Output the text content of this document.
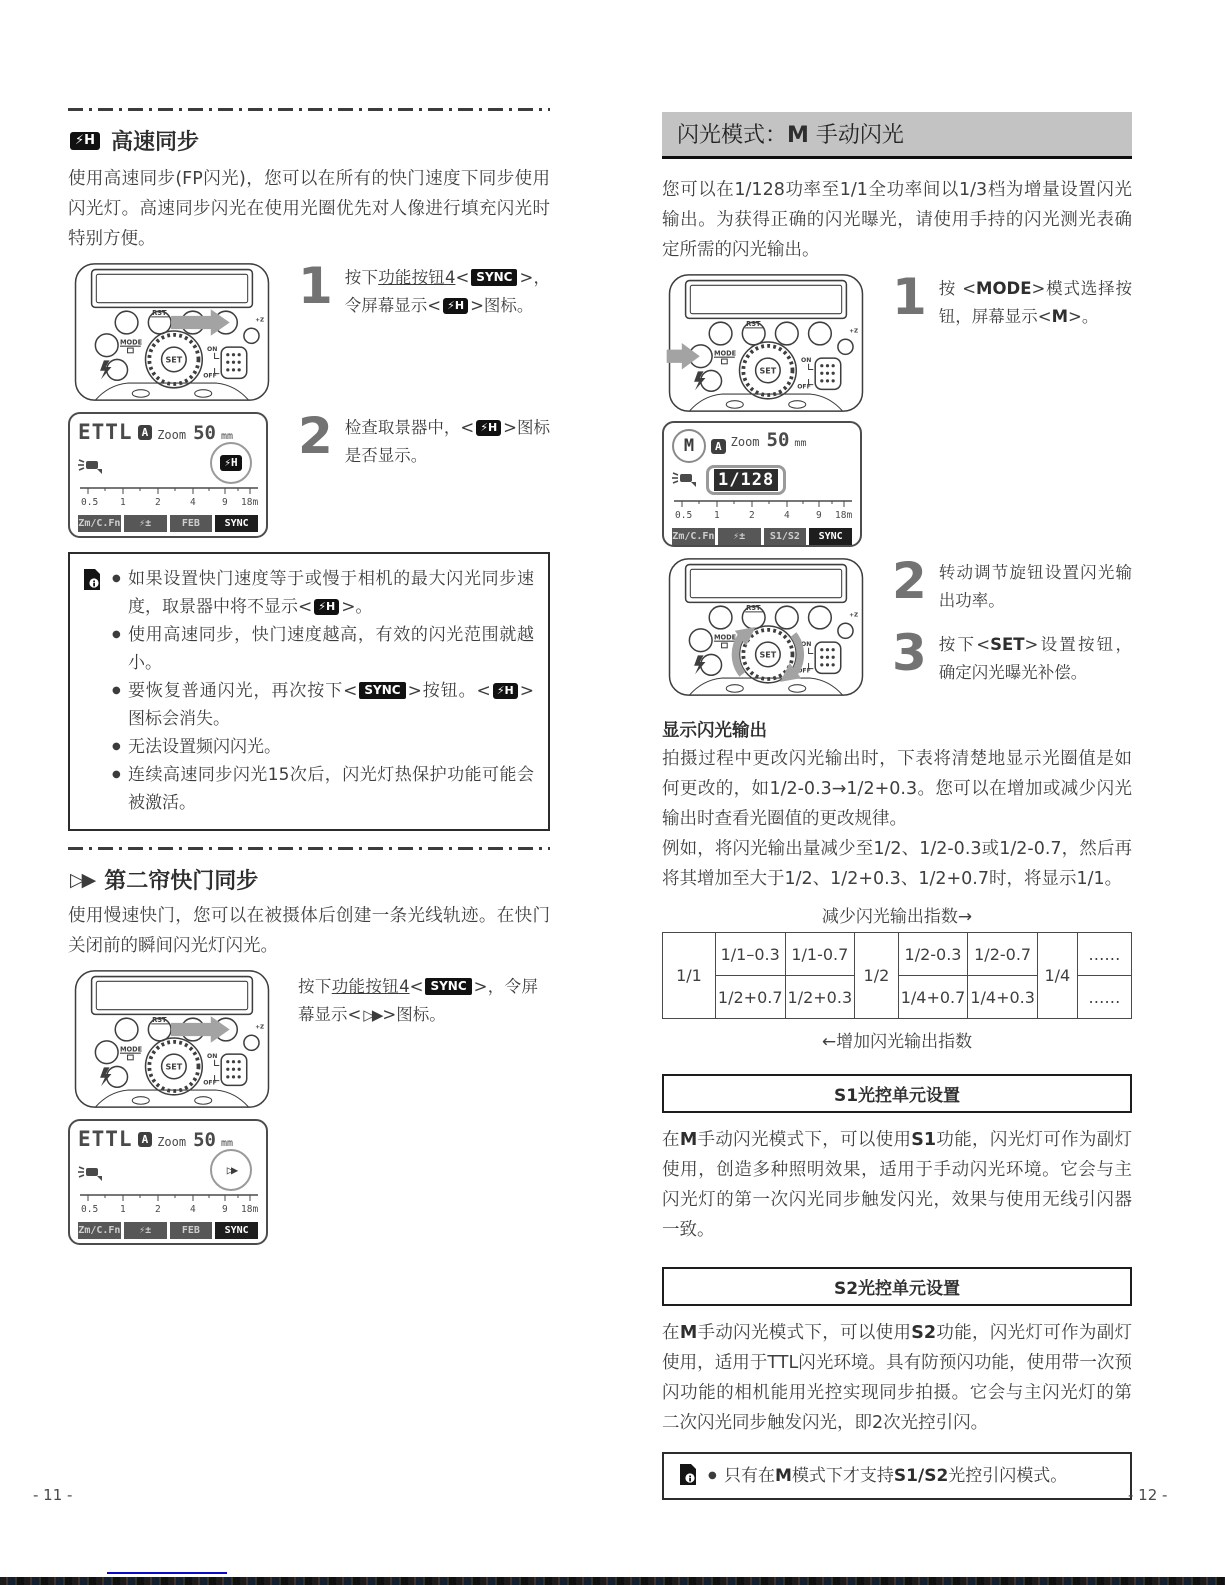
⚡H 高速同步

使用高速同步(FP闪光)，您可以在所有的快门速度下同步使用闪光灯。高速同步闪光在使用光圈优先对人像进行填充闪光时特别方便。

RST
+Z
MODE
SET
ON
OFF
1 按下功能按钮4< SYNC >，令屏幕显示< ⚡H >图标。

ETTL A Zoom 50 mm
⚡H
0.5 1	2	4	9 18m
Zm/C.Fn	⚡±	FEB	SYNC
2 检查取景器中，< ⚡H >图标是否显示。

● 如果设置快门速度等于或慢于相机的最大闪光同步速度，取景器中将不显示< ⚡H >。
● 使用高速同步，快门速度越高，有效的闪光范围就越小。
● 要恢复普通闪光，再次按下< SYNC >按钮。< ⚡H >图标会消失。
● 无法设置频闪闪光。
● 连续高速同步闪光15次后，闪光灯热保护功能可能会被激活。
▷▶ 第二帘快门同步

使用慢速快门，您可以在被摄体后创建一条光线轨迹。在快门关闭前的瞬间闪光灯闪光。

RST
+Z
MODE
SET
ON
OFF

按下功能按钮4< SYNC >，令屏幕显示< ▷▶ >图标。

ETTL A Zoom 50 mm
▷▶
0.5 1	2	4	9 18m
Zm/C.Fn	⚡±	FEB	SYNC
闪光模式：M 手动闪光

您可以在1/128功率至1/1全功率间以1/3档为增量设置闪光输出。为获得正确的闪光曝光，请使用手持的闪光测光表确定所需的闪光输出。

RST
+Z
MODE
SET
ON
OFF
1 按 <MODE>模式选择按钮，屏幕显示<M>。

M	A Zoom 50 mm
1/128
0.5 1	2	4	9 18m
Zm/C.Fn	⚡±	S1/S2	SYNC
RST
+Z
MODE
SET
ON
OFF
2 转动调节旋钮设置闪光输出功率。

3 按下<SET>设置按钮，确定闪光曝光补偿。

显示闪光输出

拍摄过程中更改闪光输出时，下表将清楚地显示光圈值是如何更改的，如1/2-0.3→1/2+0.3。您可以在增加或减少闪光输出时查看光圈值的更改规律。

例如，将闪光输出量减少至1/2、1/2-0.3或1/2-0.7，然后再将其增加至大于1/2、1/2+0.3、1/2+0.7时，将显示1/1。

减少闪光输出指数→
1/1	1/1–0.3	1/1-0.7	1/2	1/2-0.3	1/2-0.7	1/4	……
	1/2+0.7	1/2+0.3		1/4+0.7	1/4+0.3		……
←增加闪光输出指数
S1光控单元设置

在M手动闪光模式下，可以使用S1功能，闪光灯可作为副灯使用，创造多种照明效果，适用于手动闪光环境。它会与主闪光灯的第一次闪光同步触发闪光，效果与使用无线引闪器一致。

S2光控单元设置

在M手动闪光模式下，可以使用S2功能，闪光灯可作为副灯使用，适用于TTL闪光环境。具有防预闪功能，使用带一次预闪功能的相机能用光控实现同步拍摄。它会与主闪光灯的第二次闪光同步触发闪光，即2次光控引闪。

● 只有在M模式下才支持S1/S2光控引闪模式。
- 11 -	- 12 -
